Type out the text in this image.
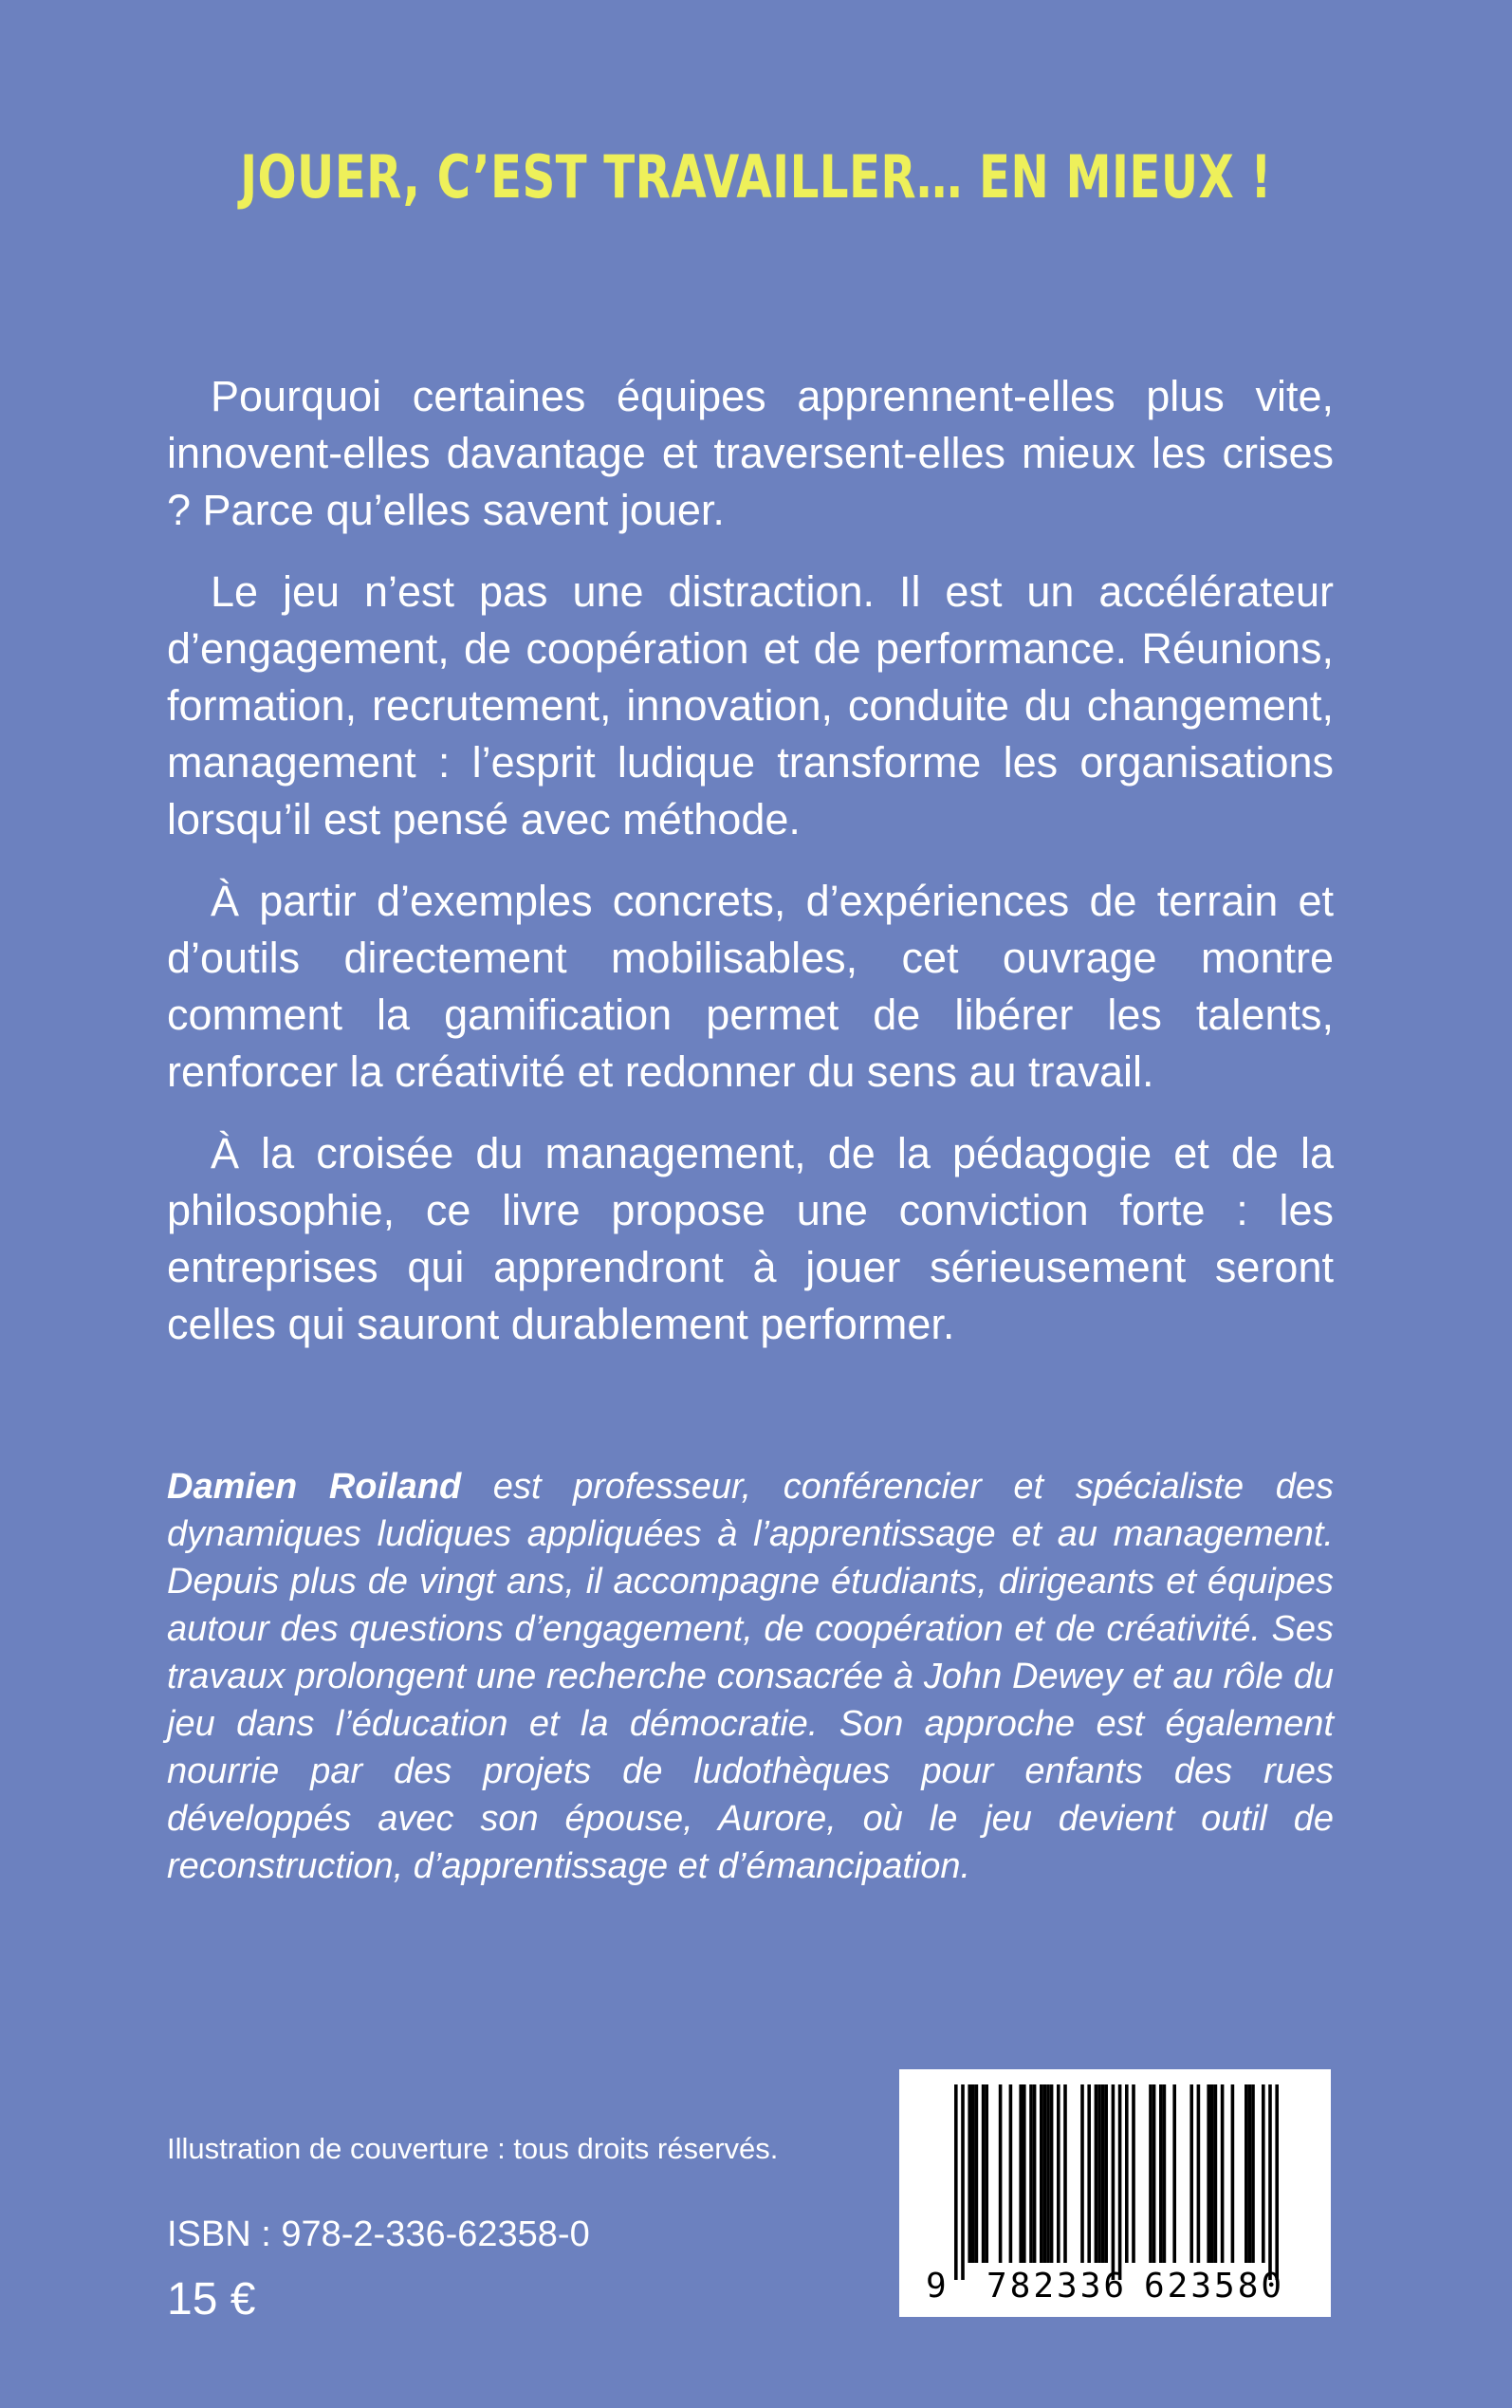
JOUER, C’EST TRAVAILLER… EN MIEUX !

Pourquoi certaines équipes apprennent-elles plus vite, innovent-elles davantage et traversent-elles mieux les crises ? Parce qu’elles savent jouer.

Le jeu n’est pas une distraction. Il est un accélérateur d’engagement, de coopération et de performance. Réunions, formation, recrutement, innovation, conduite du changement, management : l’esprit ludique transforme les organisations lorsqu’il est pensé avec méthode.

À partir d’exemples concrets, d’expériences de terrain et d’outils directement mobilisables, cet ouvrage montre comment la gamification permet de libérer les talents, renforcer la créativité et redonner du sens au travail.

À la croisée du management, de la pédagogie et de la philosophie, ce livre propose une conviction forte : les entreprises qui apprendront à jouer sérieusement seront celles qui sauront durablement performer.

Damien Roiland est professeur, conférencier et spécialiste des dynamiques ludiques appliquées à l’apprentissage et au management. Depuis plus de vingt ans, il accompagne étudiants, dirigeants et équipes autour des questions d’engagement, de coopération et de créativité. Ses travaux prolongent une recherche consacrée à John Dewey et au rôle du jeu dans l’éducation et la démocratie. Son approche est également nourrie par des projets de ludothèques pour enfants des rues développés avec son épouse, Aurore, où le jeu devient outil de reconstruction, d’apprentissage et d’émancipation.

Illustration de couverture : tous droits réservés.
ISBN : 978-2-336-62358-0
15 €	9 782336 623580
